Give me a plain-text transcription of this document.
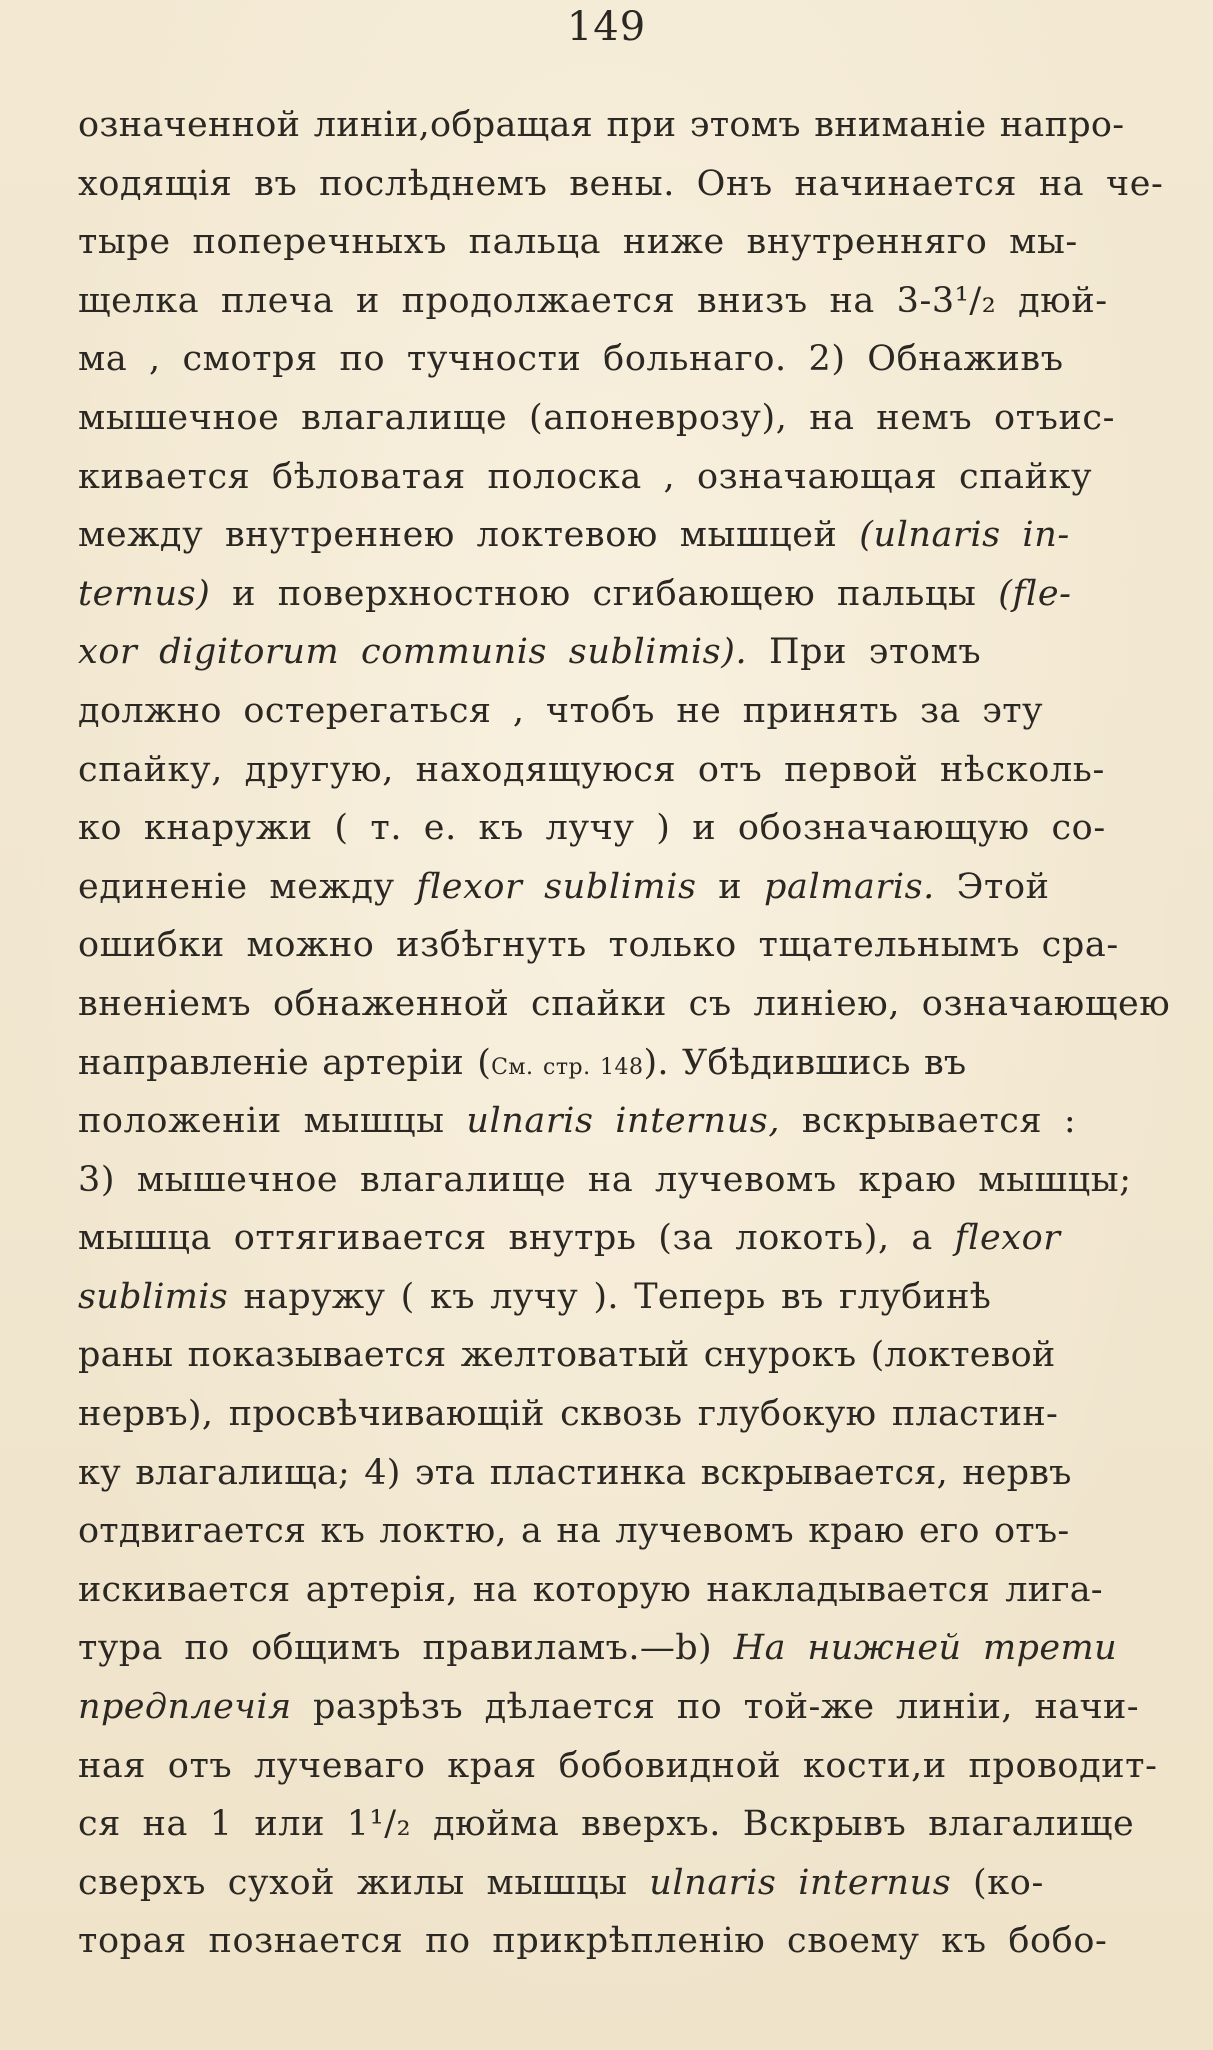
149
означенной линіи,обращая при этомъ вниманіе напро-
ходящія въ послѣднемъ вены. Онъ начинается на че-
тыре поперечныхъ пальца ниже внутренняго мы-
щелка плеча и продолжается внизъ на 3-3¹/₂ дюй-
ма , смотря по тучности больнаго. 2) Обнаживъ
мышечное влагалище (апоневрозу), на немъ отъис-
кивается бѣловатая полоска , означающая спайку
между внутреннею локтевою мышцей (ulnaris in-
ternus) и поверхностною сгибающею пальцы (fle-
xor digitorum communis sublimis). При этомъ
должно остерегаться , чтобъ не принять за эту
спайку, другую, находящуюся отъ первой нѣсколь-
ко кнаружи ( т. е. къ лучу ) и обозначающую со-
единеніе между flexor sublimis и palmaris. Этой
ошибки можно избѣгнуть только тщательнымъ сра-
вненіемъ обнаженной спайки съ линіею, означающею
направленіе артеріи (См. стр. 148). Убѣдившись въ
положеніи мышцы ulnaris internus, вскрывается :
3) мышечное влагалище на лучевомъ краю мышцы;
мышца оттягивается внутрь (за локоть), а flexor
sublimis наружу ( къ лучу ). Теперь въ глубинѣ
раны показывается желтоватый снурокъ (локтевой
нервъ), просвѣчивающій сквозь глубокую пластин-
ку влагалища; 4) эта пластинка вскрывается, нервъ
отдвигается къ локтю, а на лучевомъ краю его отъ-
искивается артерія, на которую накладывается лига-
тура по общимъ правиламъ.—b) На нижней трети
предплечія разрѣзъ дѣлается по той-же линіи, начи-
ная отъ лучеваго края бобовидной кости,и проводит-
ся на 1 или 1¹/₂ дюйма вверхъ. Вскрывъ влагалище
сверхъ сухой жилы мышцы ulnaris internus (ко-
торая познается по прикрѣпленію своему къ бобо-
